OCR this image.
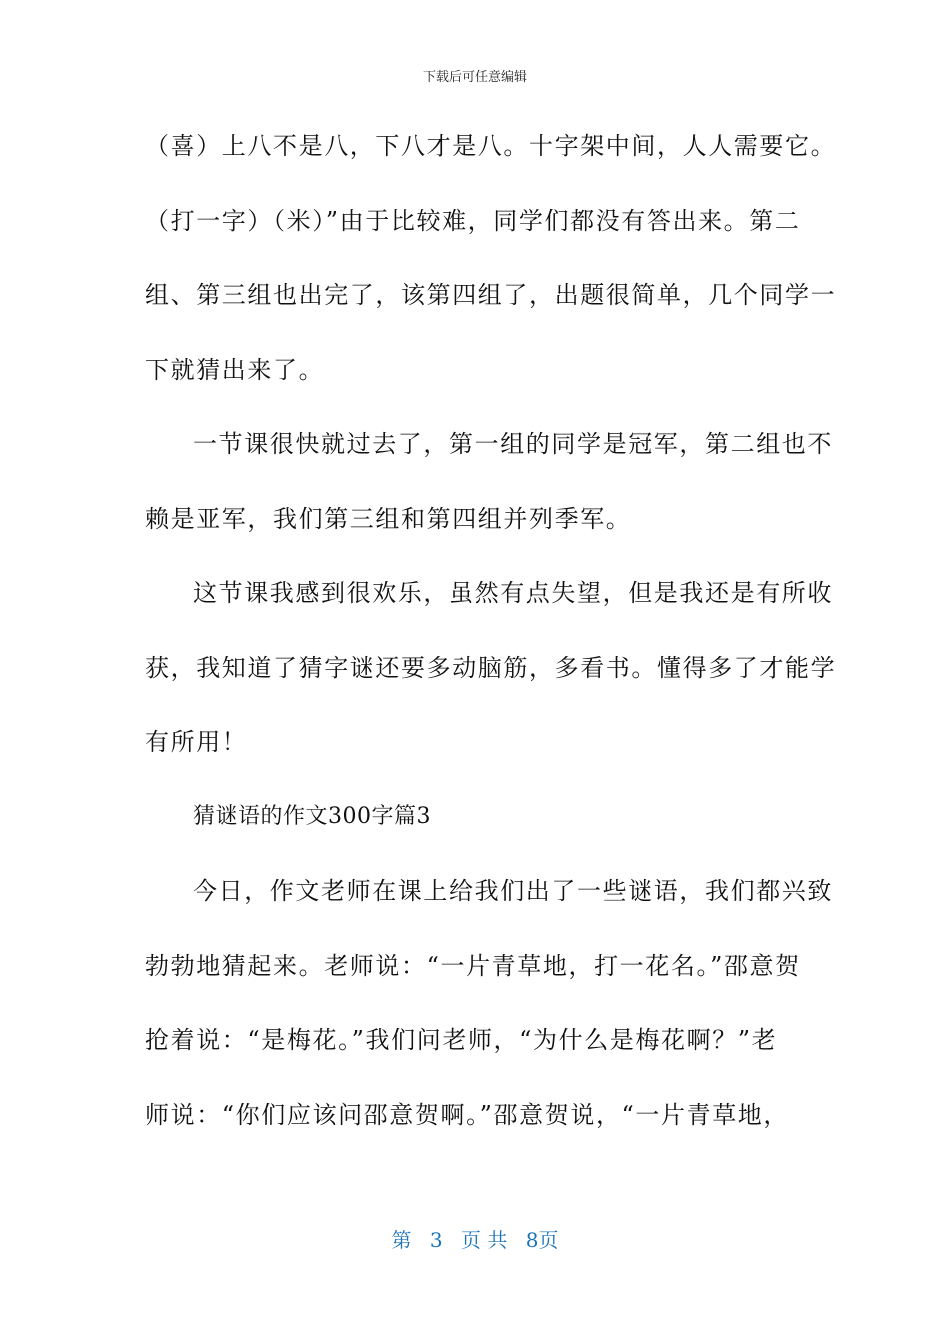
下载后可任意编辑
（喜）上八不是八，下八才是八。十字架中间，人人需要它。
（打一字）（米）”由于比较难，同学们都没有答出来。第二
组、第三组也出完了，该第四组了，出题很简单，几个同学一
下就猜出来了。
一节课很快就过去了，第一组的同学是冠军，第二组也不
赖是亚军，我们第三组和第四组并列季军。
这节课我感到很欢乐，虽然有点失望，但是我还是有所收
获，我知道了猜字谜还要多动脑筋，多看书。懂得多了才能学
有所用！
猜谜语的作文300字篇3
今日，作文老师在课上给我们出了一些谜语，我们都兴致
勃勃地猜起来。老师说：“一片青草地，打一花名。”邵意贺
抢着说：“是梅花。”我们问老师，“为什么是梅花啊？”老
师说：“你们应该问邵意贺啊。”邵意贺说，“一片青草地，
第 3 页 共 8页
